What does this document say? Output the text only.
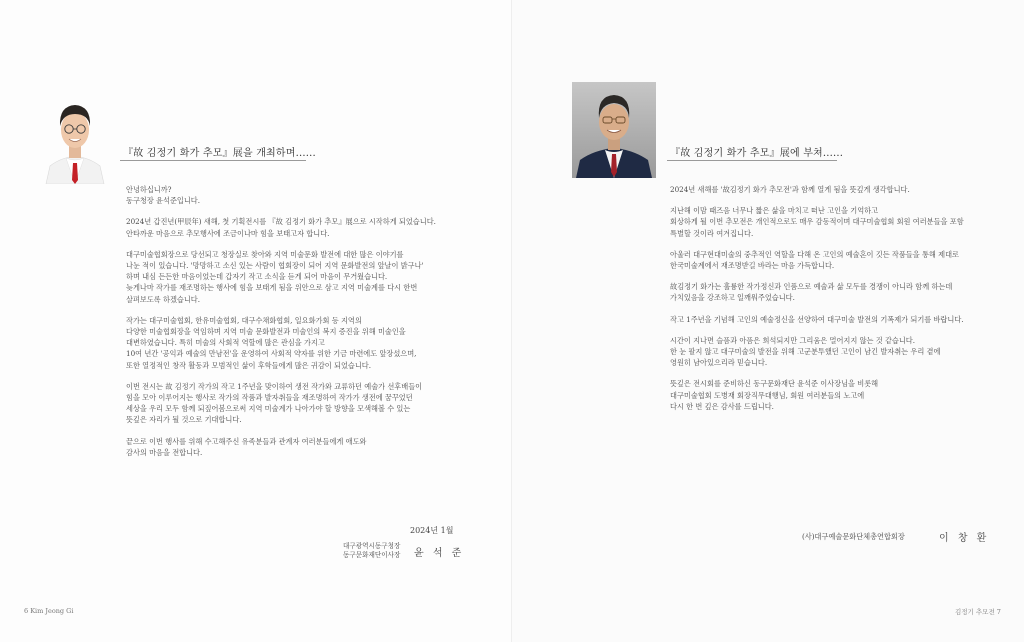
『故 김정기 화가 추모』展을 개최하며......

안녕하십니까?
동구청장 윤석준입니다.

2024년 갑진년(甲辰年) 새해, 첫 기획전시를 『故 김정기 화가 추모』展으로 시작하게 되었습니다.
안타까운 마음으로 추모행사에 조금이나마 힘을 보태고자 합니다.

대구미술협회장으로 당선되고 청장실로 찾아와 지역 미술문화 발전에 대한 많은 이야기를
나눈 적이 있습니다. '망망하고 소신 있는 사람이 협회장이 되어 지역 문화발전의 앞날이 밝구나'
하며 내심 든든한 마음이었는데 갑자기 작고 소식을 듣게 되어 마음이 무거웠습니다.
늦게나마 작가를 재조명하는 행사에 힘을 보태게 됨을 위안으로 삼고 지역 미술계를 다시 한번
살펴보도록 하겠습니다.

작가는 대구미술협회, 한유미술협회, 대구수채화협회, 일요화가회 등 지역의
다양한 미술협회장을 역임하며 지역 미술 문화발전과 미술인의 복지 증진을 위해 미술인을
대변하였습니다. 특히 미술의 사회적 역할에 많은 관심을 가지고
10여 년간 '공익과 예술의 만남전'을 운영하여 사회적 약자를 위한 기금 마련에도 앞장섰으며,
또한 열정적인 창작 활동과 모범적인 삶이 후학들에게 많은 귀감이 되었습니다.

이번 전시는 故 김정기 작가의 작고 1주년을 맞이하여 생전 작가와 교류하던 예술가 선후배들이
힘을 모아 이루어지는 행사로 작가의 작품과 발자취들을 재조명하여 작가가 생전에 꿈꾸었던
세상을 우리 모두 함께 되짚어봄으로써 지역 미술계가 나아가야 할 방향을 모색해볼 수 있는
뜻깊은 자리가 될 것으로 기대합니다.

끝으로 이번 행사를 위해 수고해주신 유족분들과 관계자 여러분들에게 애도와
감사의 마음을 전합니다.

2024년 1월
대구광역시동구청장
동구문화재단이사장 윤 석 준
6 Kim Jeong Gi
『故 김정기 화가 추모』展에 부쳐......

2024년 새해를 '故김정기 화가 추모전'과 함께 열게 됨을 뜻깊게 생각합니다.

지난해 이맘 때즈음 너무나 짧은 삶을 마치고 떠난 고인을 기억하고
회상하게 될 이번 추모전은 개인적으로도 매우 감동적이며 대구미술협회 회원 여러분들을 포함
특별할 것이라 여겨집니다.

아울러 대구현대미술의 중추적인 역할을 다해 온 고인의 예술혼이 깃든 작품들을 통해 제대로
한국미술계에서 재조명받길 바라는 마음 가득합니다.

故김정기 화가는 훌륭한 작가정신과 인품으로 예술과 삶 모두를 경쟁이 아니라 함께 하는데
가치있음을 강조하고 일깨워주었습니다.

작고 1주년을 기념해 고인의 예술정신을 선양하여 대구미술 발전의 기폭제가 되기를 바랍니다.

시간이 지나면 슬픔과 아픔은 희석되지만 그리움은 멀어지지 않는 것 같습니다.
한 눈 팔지 않고 대구미술의 발전을 위해 고군분투했던 고인이 남긴 발자취는 우리 곁에
영원히 남아있으리라 믿습니다.

뜻깊은 전시회를 준비하신 동구문화재단 윤석준 이사장님을 비롯해
대구미술협회 도병재 회장직무대행님, 회원 여러분들의 노고에
다시 한 번 깊은 감사를 드립니다.

(사)대구예술문화단체총연합회장	이 창 환
김정기 추모전 7
